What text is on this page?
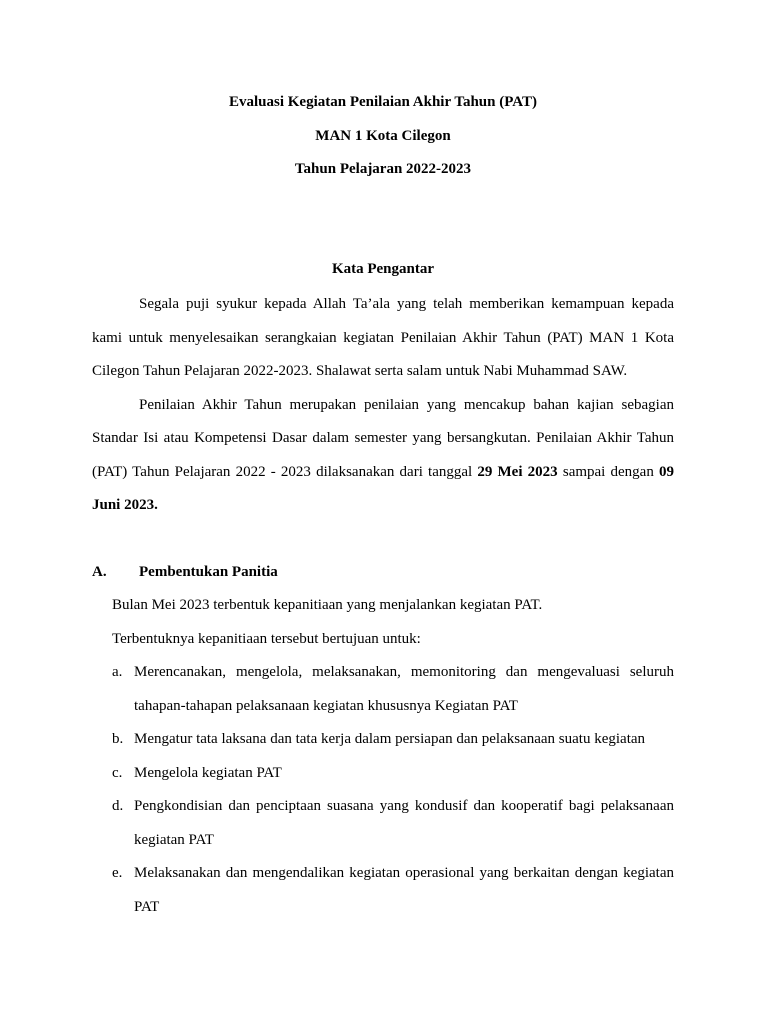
Evaluasi Kegiatan Penilaian Akhir Tahun (PAT)

MAN 1 Kota Cilegon

Tahun Pelajaran 2022-2023

Kata Pengantar

Segala puji syukur kepada Allah Ta’ala yang telah memberikan kemampuan kepada kami untuk menyelesaikan serangkaian kegiatan Penilaian Akhir Tahun (PAT) MAN 1 Kota Cilegon Tahun Pelajaran 2022-2023. Shalawat serta salam untuk Nabi Muhammad SAW.

Penilaian Akhir Tahun merupakan penilaian yang mencakup bahan kajian sebagian Standar Isi atau Kompetensi Dasar dalam semester yang bersangkutan. Penilaian Akhir Tahun (PAT) Tahun Pelajaran 2022 - 2023 dilaksanakan dari tanggal 29 Mei 2023 sampai dengan 09 Juni 2023.

A.	Pembentukan Panitia

Bulan Mei 2023 terbentuk kepanitiaan yang menjalankan kegiatan PAT.

Terbentuknya kepanitiaan tersebut bertujuan untuk:

a. Merencanakan, mengelola, melaksanakan, memonitoring dan mengevaluasi seluruh tahapan-tahapan pelaksanaan kegiatan khususnya Kegiatan PAT
b. Mengatur tata laksana dan tata kerja dalam persiapan dan pelaksanaan suatu kegiatan
c. Mengelola kegiatan PAT
d. Pengkondisian dan penciptaan suasana yang kondusif dan kooperatif bagi pelaksanaan kegiatan PAT
e. Melaksanakan dan mengendalikan kegiatan operasional yang berkaitan dengan kegiatan PAT
